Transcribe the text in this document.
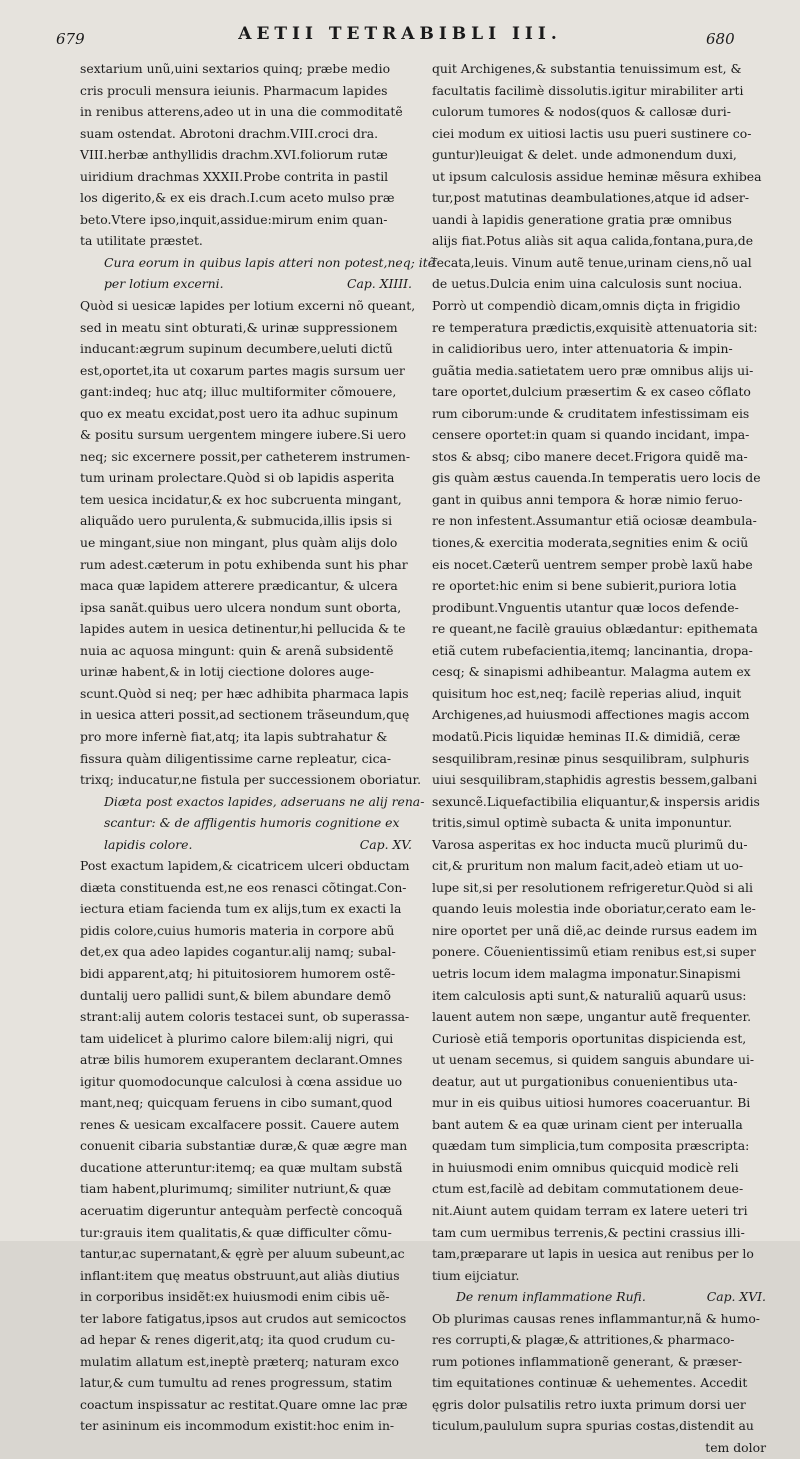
679	AETII TETRABIBLI III.	680
sextarium unũ,uini sextarios quinq; præbe medio
cris proculi mensura ieiunis. Pharmacum lapides
in renibus atterens,adeo ut in una die commoditatẽ
suam ostendat. Abrotoni drachm.VIII.croci dra.
VIII.herbæ anthyllidis drachm.XVI.foliorum rutæ
uiridium drachmas XXXII.Probe contrita in pastil
los digerito,& ex eis drach.I.cum aceto mulso præ
beto.Vtere ipso,inquit,assidue:mirum enim quan-
ta utilitate præstet.
Cura eorum in quibus lapis atteri non potest,neq; itẽ
per lotium excerni.	Cap. XIIII.
Quòd si uesicæ lapides per lotium excerni nõ queant,
sed in meatu sint obturati,& urinæ suppressionem
inducant:ægrum supinum decumbere,ueluti dictũ
est,oportet,ita ut coxarum partes magis sursum uer
gant:indeq; huc atq; illuc multiformiter cõmouere,
quo ex meatu excidat,post uero ita adhuc supinum
& positu sursum uergentem mingere iubere.Si uero
neq; sic excernere possit,per catheterem instrumen-
tum urinam prolectare.Quòd si ob lapidis asperita
tem uesica incidatur,& ex hoc subcruenta mingant,
aliquãdo uero purulenta,& submucida,illis ipsis si
ue mingant,siue non mingant, plus quàm alijs dolo
rum adest.cæterum in potu exhibenda sunt his phar
maca quæ lapidem atterere prædicantur, & ulcera
ipsa sanãt.quibus uero ulcera nondum sunt oborta,
lapides autem in uesica detinentur,hi pellucida & te
nuia ac aquosa mingunt: quin & arenã subsidentẽ
urinæ habent,& in lotij ciectione dolores auge-
scunt.Quòd si neq; per hæc adhibita pharmaca lapis
in uesica atteri possit,ad sectionem trãseundum,quę
pro more infernè fiat,atq; ita lapis subtrahatur &
fissura quàm diligentissime carne repleatur, cica-
trixq; inducatur,ne fistula per successionem oboriatur.
Diæta post exactos lapides, adseruans ne alij rena-
scantur: & de affligentis humoris cognitione ex
lapidis colore.	Cap. XV.
Post exactum lapidem,& cicatricem ulceri obductam
diæta constituenda est,ne eos renasci cõtingat.Con-
iectura etiam facienda tum ex alijs,tum ex exacti la
pidis colore,cuius humoris materia in corpore abũ
det,ex qua adeo lapides cogantur.alij namq; subal-
bidi apparent,atq; hi pituitosiorem humorem ostẽ-
duntalij uero pallidi sunt,& bilem abundare demõ
strant:alij autem coloris testacei sunt, ob superassa-
tam uidelicet à plurimo calore bilem:alij nigri, qui
atræ bilis humorem exuperantem declarant.Omnes
igitur quomodocunque calculosi à cœna assidue uo
mant,neq; quicquam feruens in cibo sumant,quod
renes & uesicam excalfacere possit. Cauere autem
conuenit cibaria substantiæ duræ,& quæ ægre man
ducatione atteruntur:itemq; ea quæ multam substã
tiam habent,plurimumq; similiter nutriunt,& quæ
aceruatim digeruntur antequàm perfectè concoquã
tur:grauis item qualitatis,& quæ difficulter cõmu-
tantur,ac supernatant,& ęgrè per aluum subeunt,ac
inflant:item quę meatus obstruunt,aut aliàs diutius
in corporibus insidẽt:ex huiusmodi enim cibis uẽ-
ter labore fatigatus,ipsos aut crudos aut semicoctos
ad hepar & renes digerit,atq; ita quod crudum cu-
mulatim allatum est,ineptè præterq; naturam exco
latur,& cum tumultu ad renes progressum, statim
coactum inspissatur ac restitat.Quare omne lac præ
ter asininum eis incommodum existit:hoc enim in-
quit Archigenes,& substantia tenuissimum est, &
facultatis facilimè dissolutis.igitur mirabiliter arti
culorum tumores & nodos(quos & callosæ duri-
ciei modum ex uitiosi lactis usu pueri sustinere co-
guntur)leuigat & delet. unde admonendum duxi,
ut ipsum calculosis assidue heminæ mẽsura exhibea
tur,post matutinas deambulationes,atque id adser-
uandi à lapidis generatione gratia præ omnibus
alijs fiat.Potus aliàs sit aqua calida,fontana,pura,de
fecata,leuis. Vinum autẽ tenue,urinam ciens,nõ ual
de uetus.Dulcia enim uina calculosis sunt nociua.
Porrò ut compendiò dicam,omnis diçta in frigidio
re temperatura prædictis,exquisitè attenuatoria sit:
in calidioribus uero, inter attenuatoria & impin-
guãtia media.satietatem uero præ omnibus alijs ui-
tare oportet,dulcium præsertim & ex caseo cõflato
rum ciborum:unde & cruditatem infestissimam eis
censere oportet:in quam si quando incidant, impa-
stos & absq; cibo manere decet.Frigora quidẽ ma-
gis quàm æstus cauenda.In temperatis uero locis de
gant in quibus anni tempora & horæ nimio feruo-
re non infestent.Assumantur etiã ociosæ deambula-
tiones,& exercitia moderata,segnities enim & ociũ
eis nocet.Cæterũ uentrem semper probè laxũ habe
re oportet:hic enim si bene subierit,puriora lotia
prodibunt.Vnguentis utantur quæ locos defende-
re queant,ne facilè grauius oblædantur: epithemata
etiã cutem rubefacientia,itemq; lancinantia, dropa-
cesq; & sinapismi adhibeantur. Malagma autem ex
quisitum hoc est,neq; facilè reperias aliud, inquit
Archigenes,ad huiusmodi affectiones magis accom
modatũ.Picis liquidæ heminas II.& dimidiã, ceræ
sesquilibram,resinæ pinus sesquilibram, sulphuris
uiui sesquilibram,staphidis agrestis bessem,galbani
sexuncẽ.Liquefactibilia eliquantur,& inspersis aridis
tritis,simul optimè subacta & unita imponuntur.
Varosa asperitas ex hoc inducta mucũ plurimũ du-
cit,& pruritum non malum facit,adeò etiam ut uo-
lupe sit,si per resolutionem refrigeretur.Quòd si ali
quando leuis molestia inde oboriatur,cerato eam le-
nire oportet per unã diẽ,ac deinde rursus eadem im
ponere. Cõuenientissimũ etiam renibus est,si super
uetris locum idem malagma imponatur.Sinapismi
item calculosis apti sunt,& naturaliũ aquarũ usus:
lauent autem non sæpe, ungantur autẽ frequenter.
Curiosè etiã temporis oportunitas dispicienda est,
ut uenam secemus, si quidem sanguis abundare ui-
deatur, aut ut purgationibus conuenientibus uta-
mur in eis quibus uitiosi humores coaceruantur. Bi
bant autem & ea quæ urinam cient per interualla
quædam tum simplicia,tum composita præscripta:
in huiusmodi enim omnibus quicquid modicè reli
ctum est,facilè ad debitam commutationem deue-
nit.Aiunt autem quidam terram ex latere ueteri tri
tam cum uermibus terrenis,& pectini crassius illi-
tam,præparare ut lapis in uesica aut renibus per lo
tium eijciatur.
De renum inflammatione Rufi.	Cap. XVI.
Ob plurimas causas renes inflammantur,nã & humo-
res corrupti,& plagæ,& attritiones,& pharmaco-
rum potiones inflammationẽ generant, & præser-
tim equitationes continuæ & uehementes. Accedit
ęgris dolor pulsatilis retro iuxta primum dorsi uer
ticulum,paululum supra spurias costas,distendit au
tem dolor
